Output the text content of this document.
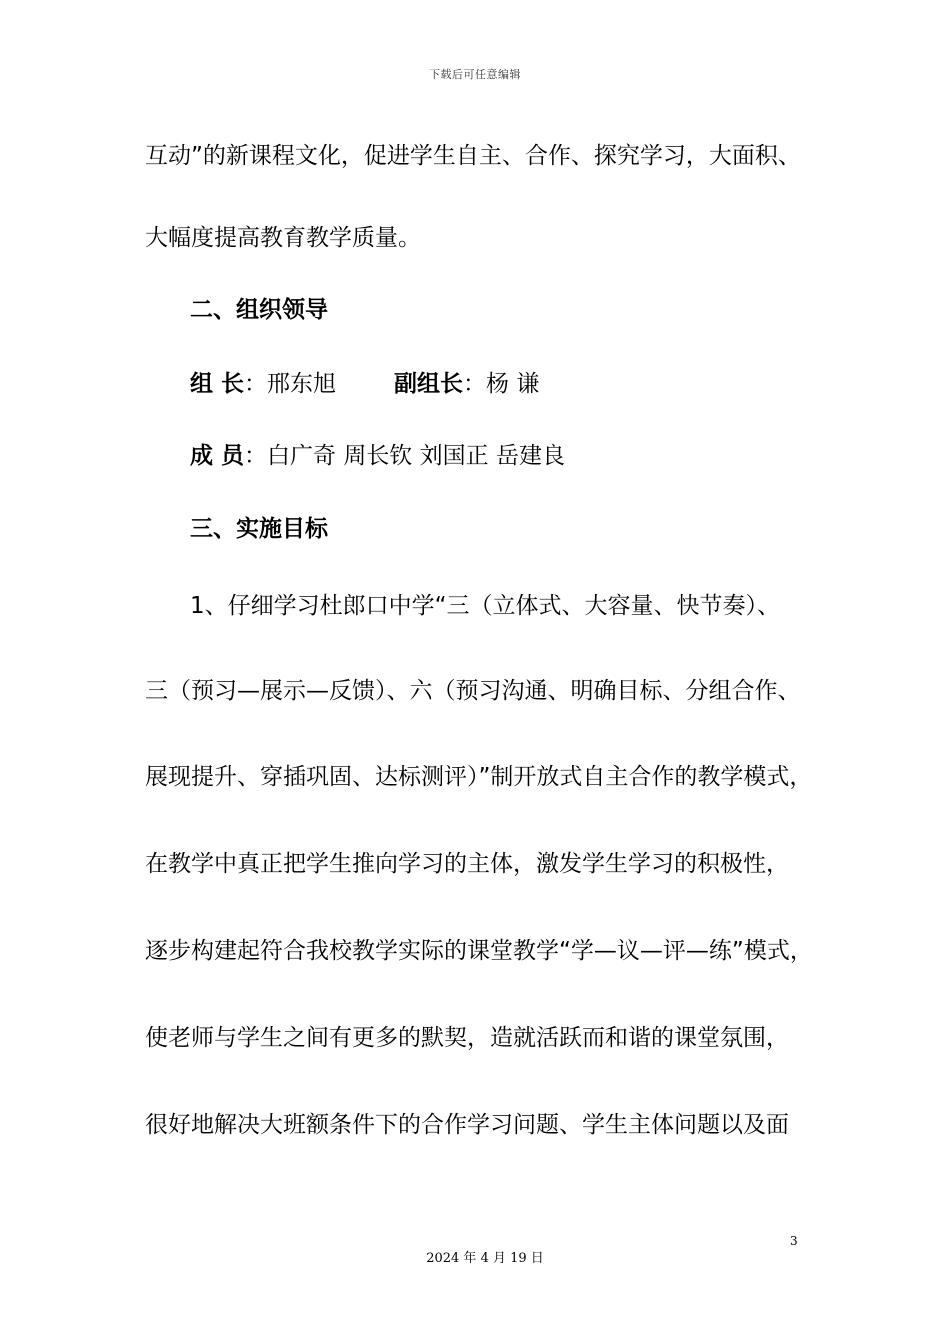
下载后可任意编辑
互动”的新课程文化，促进学生自主、合作、探究学习，大面积、
大幅度提高教育教学质量。
二、组织领导
组 长：邢东旭	副组长：杨 谦
成 员：白广奇 周长钦 刘国正 岳建良
三、实施目标
1、仔细学习杜郎口中学“三（立体式、大容量、快节奏）、
三（预习—展示—反馈）、六（预习沟通、明确目标、分组合作、
展现提升、穿插巩固、达标测评）”制开放式自主合作的教学模式，
在教学中真正把学生推向学习的主体，激发学生学习的积极性，
逐步构建起符合我校教学实际的课堂教学“学—议—评—练”模式，
使老师与学生之间有更多的默契，造就活跃而和谐的课堂氛围，
很好地解决大班额条件下的合作学习问题、学生主体问题以及面
3
2024 年 4 月 19 日
